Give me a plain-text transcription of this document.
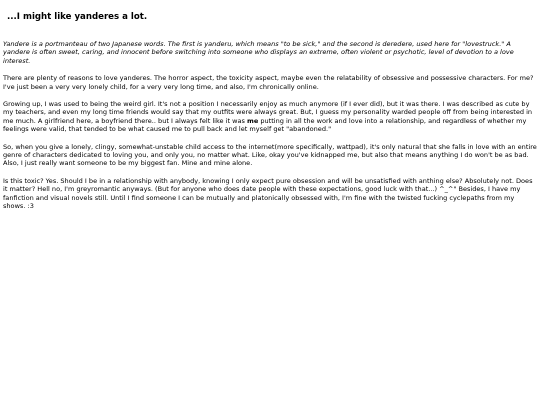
...I might like yanderes a lot.

Yandere is a portmanteau of two Japanese words. The first is yanderu, which means "to be sick," and the second is deredere, used here for "lovestruck." A yandere is often sweet, caring, and innocent before switching into someone who displays an extreme, often violent or psychotic, level of devotion to a love interest.

There are plenty of reasons to love yanderes. The horror aspect, the toxicity aspect, maybe even the relatability of obsessive and possessive characters. For me? I've just been a very very lonely child, for a very very long time, and also, I'm chronically online.

Growing up, I was used to being the weird girl. It's not a position I necessarily enjoy as much anymore (if I ever did), but it was there. I was described as cute by my teachers, and even my long time friends would say that my outfits were always great. But, I guess my personality warded people off from being interested in me much. A girlfriend here, a boyfriend there.. but I always felt like it was me putting in all the work and love into a relationship, and regardless of whether my feelings were valid, that tended to be what caused me to pull back and let myself get "abandoned."

So, when you give a lonely, clingy, somewhat-unstable child access to the internet(more specifically, wattpad), it's only natural that she falls in love with an entire genre of characters dedicated to loving you, and only you, no matter what. Like, okay you've kidnapped me, but also that means anything I do won't be as bad. Also, I just really want someone to be my biggest fan. Mine and mine alone.

Is this toxic? Yes. Should I be in a relationship with anybody, knowing I only expect pure obsession and will be unsatisfied with anthing else? Absolutely not. Does it matter? Hell no, I'm greyromantic anyways. (But for anyone who does date people with these expectations, good luck with that...) ^_^" Besides, I have my fanfiction and visual novels still. Until I find someone I can be mutually and platonically obsessed with, I'm fine with the twisted fucking cyclepaths from my shows. :3
